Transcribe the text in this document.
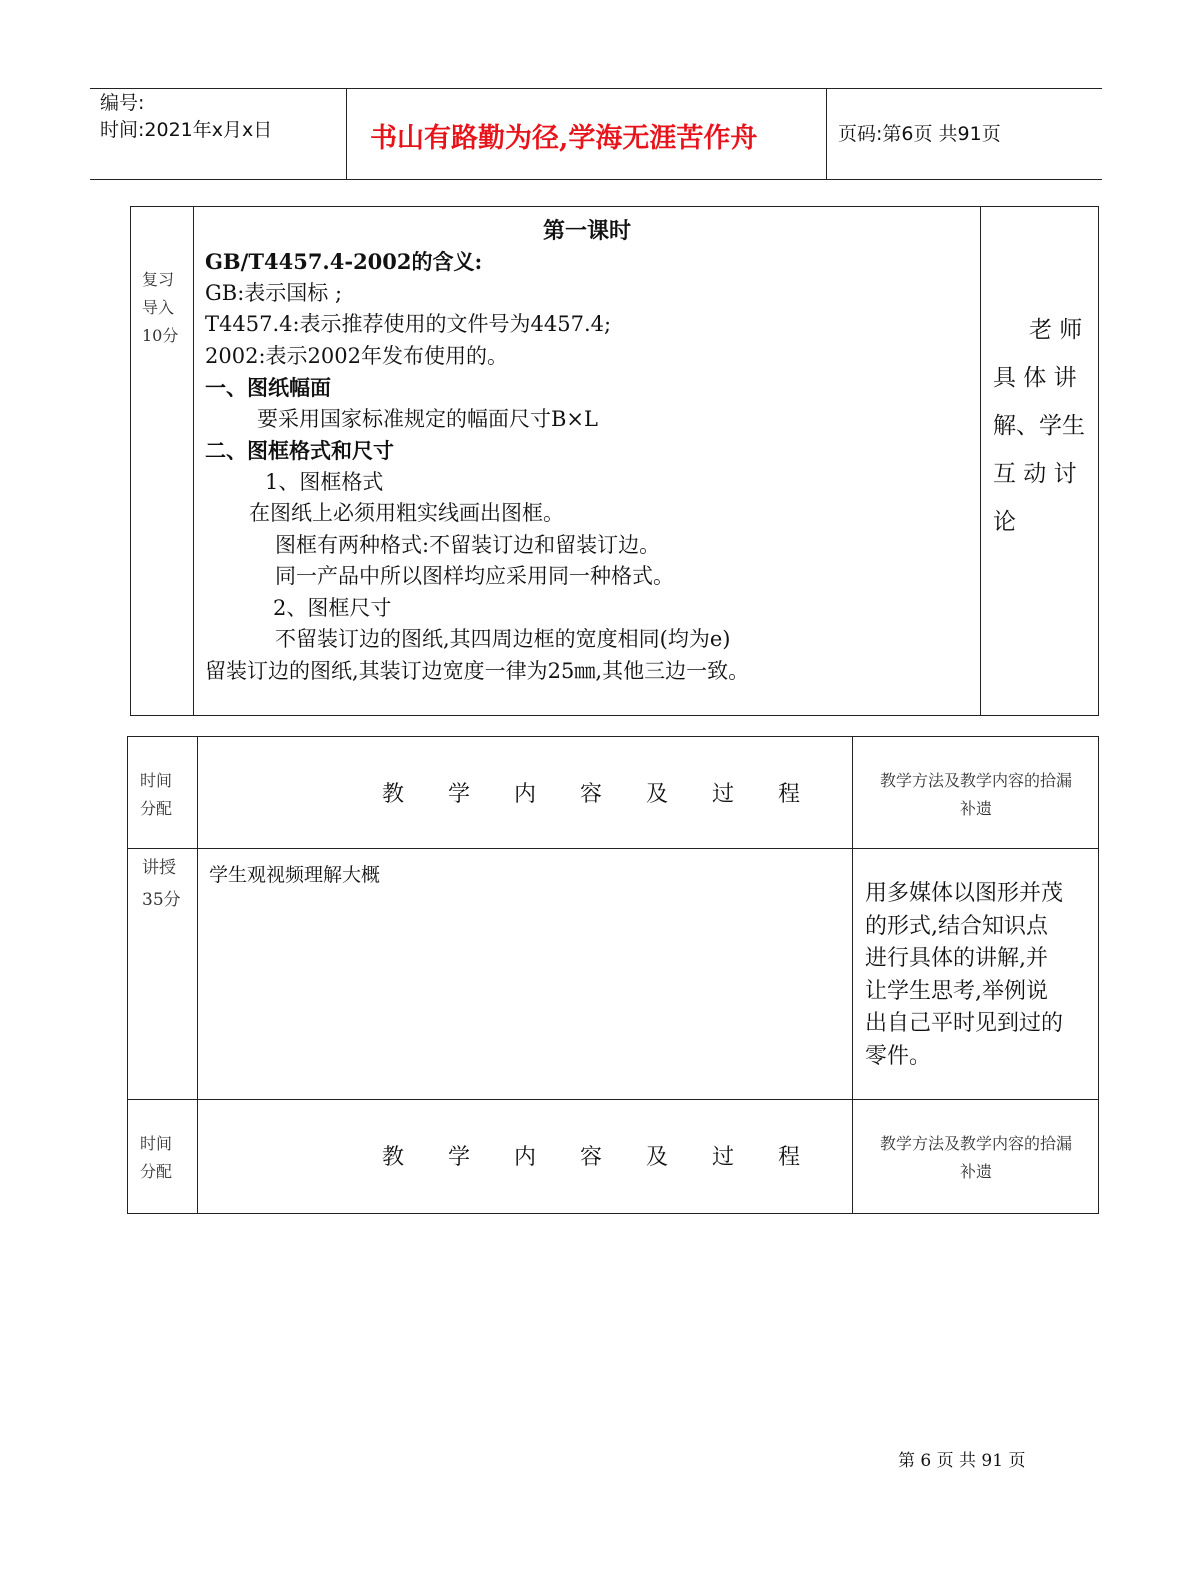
编号:
时间:2021年x月x日	书山有路勤为径,学海无涯苦作舟	页码:第6页 共91页
复习
导入
10分
第一课时
GB/T4457.4-2002的含义:
GB:表示国标 ;
T4457.4:表示推荐使用的文件号为4457.4;
2002:表示2002年发布使用的。
一、图纸幅面
要采用国家标准规定的幅面尺寸B×L
二、图框格式和尺寸
1、图框格式
在图纸上必须用粗实线画出图框。
图框有两种格式:不留装订边和留装订边。
同一产品中所以图样均应采用同一种格式。
2、图框尺寸
不留装订边的图纸,其四周边框的宽度相同(均为e)
留装订边的图纸,其装订边宽度一律为25㎜,其他三边一致。
老 师
具 体 讲
解、学生
互 动 讨
论
时间
分配
教学内容及过程
教学方法及教学内容的拾漏
补遗
讲授
35分
学生观视频理解大概
用多媒体以图形并茂
的形式,结合知识点
进行具体的讲解,并
让学生思考,举例说
出自己平时见到过的
零件。
时间
分配
教学内容及过程
教学方法及教学内容的拾漏
补遗
第 6 页 共 91 页
